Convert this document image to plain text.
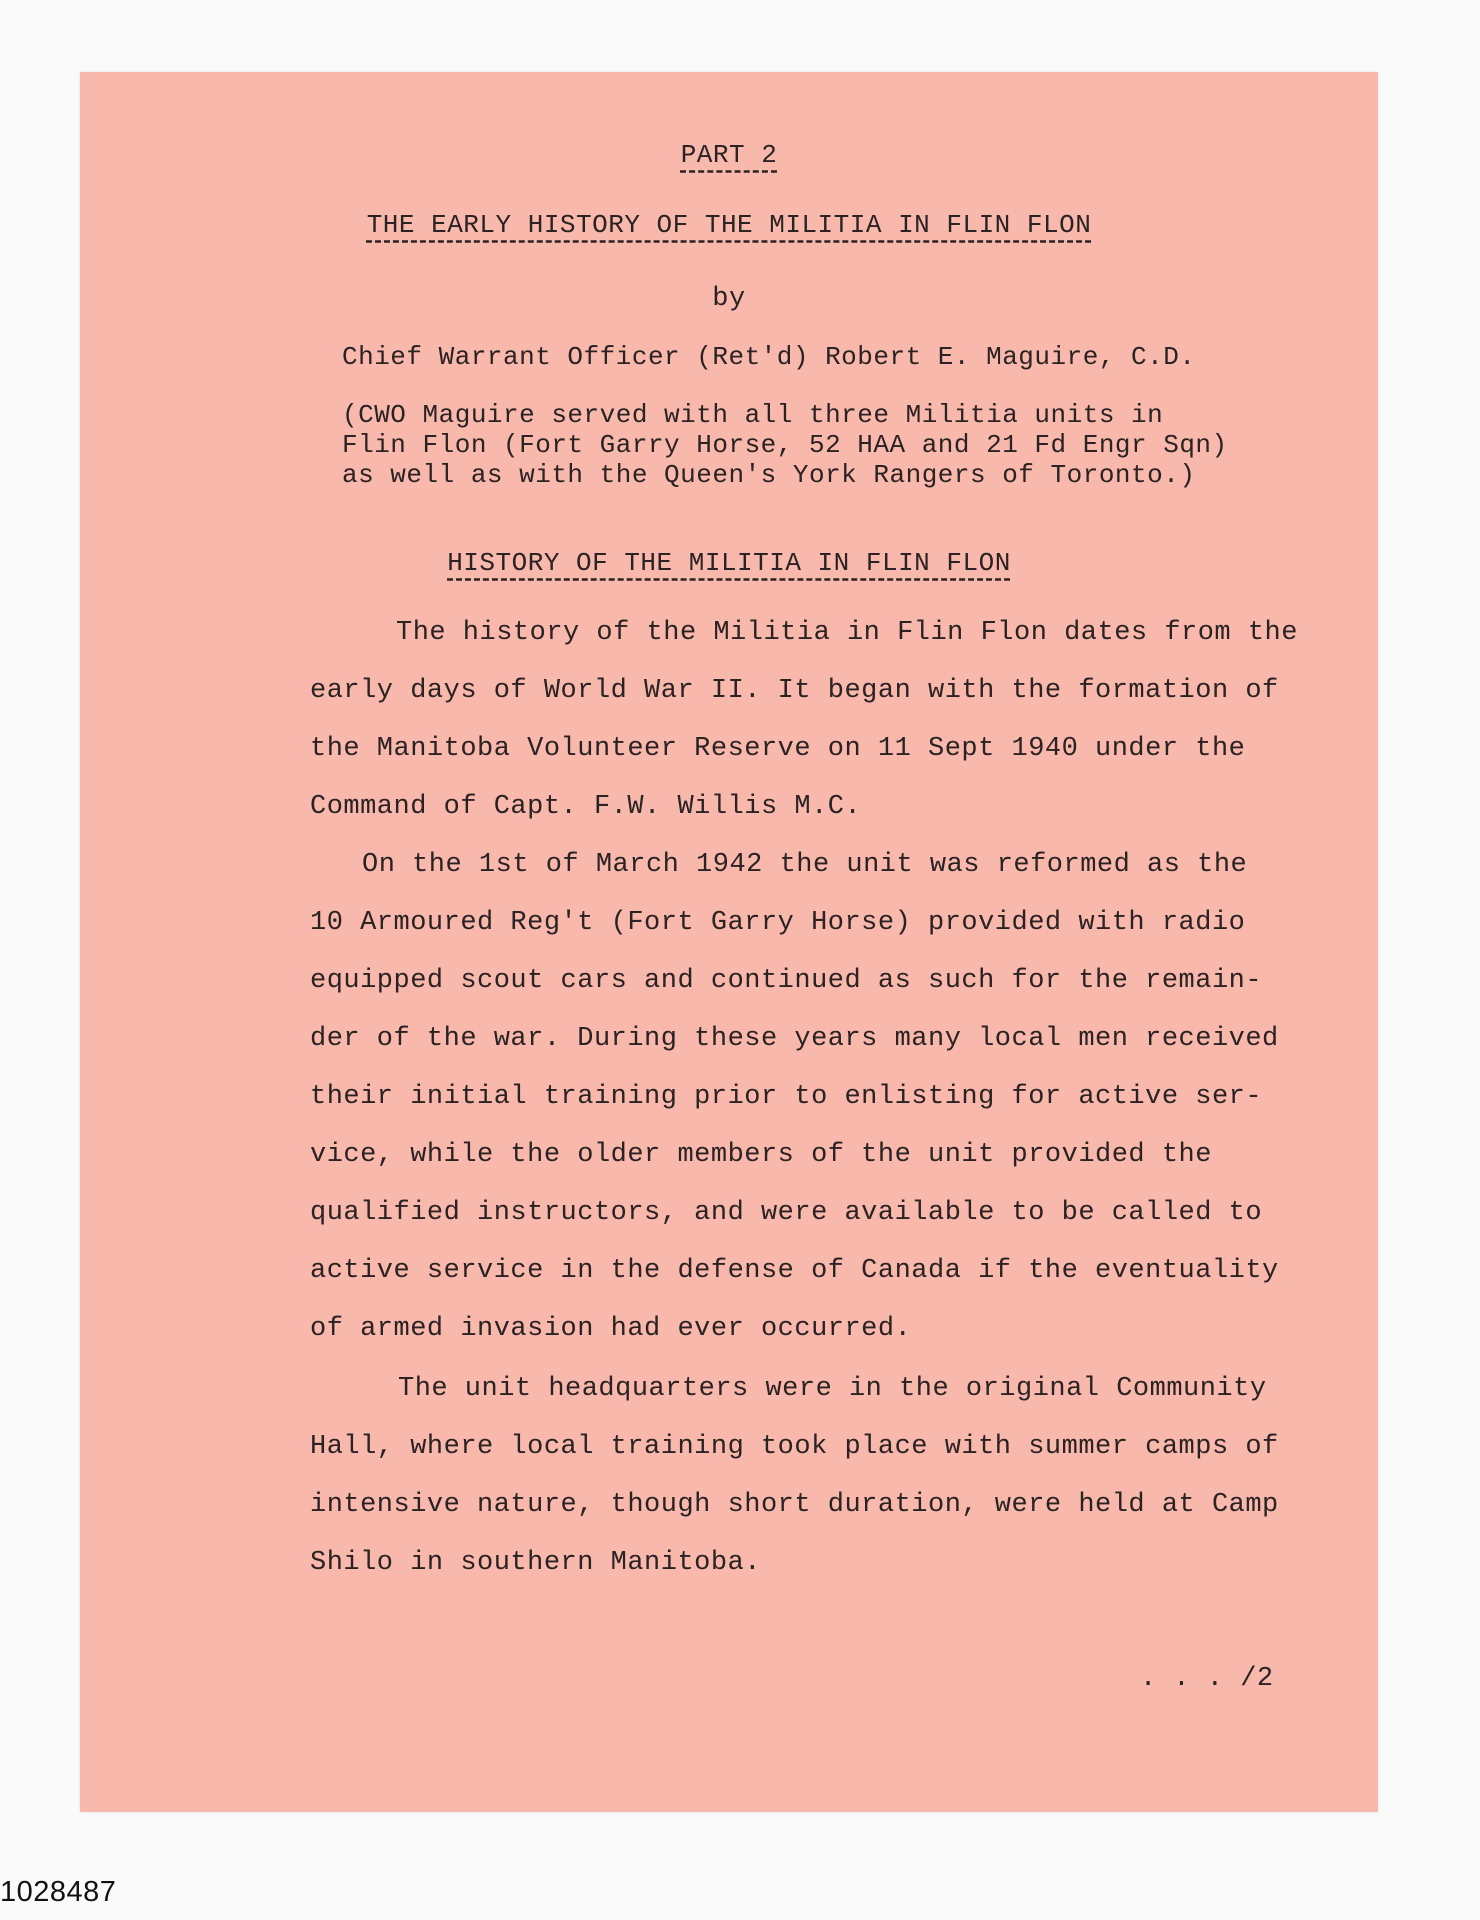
PART 2
THE EARLY HISTORY OF THE MILITIA IN FLIN FLON
by
Chief Warrant Officer (Ret'd) Robert E. Maguire, C.D.
(CWO Maguire served with all three Militia units in
Flin Flon (Fort Garry Horse, 52 HAA and 21 Fd Engr Sqn)
as well as with the Queen's York Rangers of Toronto.)
HISTORY OF THE MILITIA IN FLIN FLON
The history of the Militia in Flin Flon dates from the
early days of World War II. It began with the formation of
the Manitoba Volunteer Reserve on 11 Sept 1940 under the
Command of Capt. F.W. Willis M.C.
On the 1st of March 1942 the unit was reformed as the
10 Armoured Reg't (Fort Garry Horse) provided with radio
equipped scout cars and continued as such for the remain-
der of the war. During these years many local men received
their initial training prior to enlisting for active ser-
vice, while the older members of the unit provided the
qualified instructors, and were available to be called to
active service in the defense of Canada if the eventuality
of armed invasion had ever occurred.
The unit headquarters were in the original Community
Hall, where local training took place with summer camps of
intensive nature, though short duration, were held at Camp
Shilo in southern Manitoba.
. . . /2
1028487
